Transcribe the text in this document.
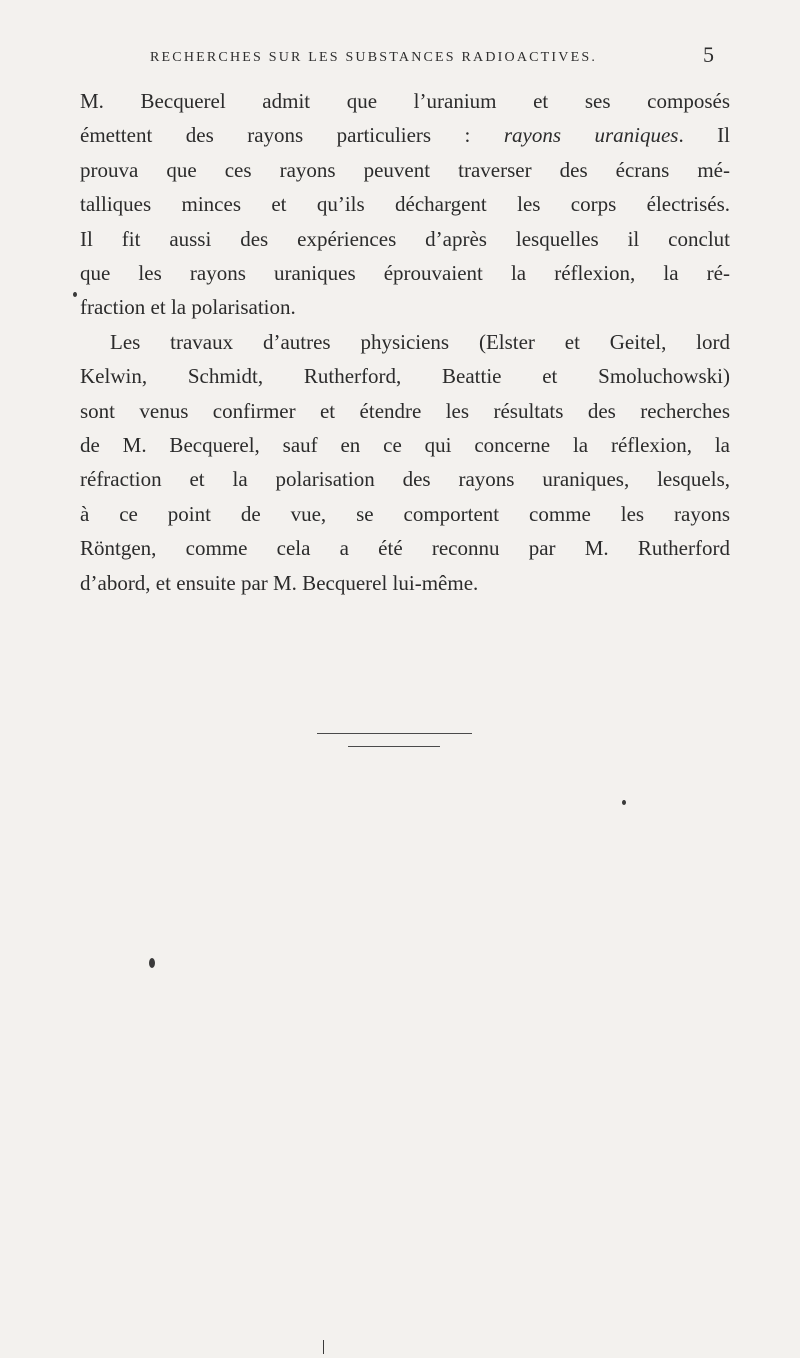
RECHERCHES SUR LES SUBSTANCES RADIOACTIVES.	5
M. Becquerel admit que l’uranium et ses composés
émettent des rayons particuliers : rayons uraniques. Il
prouva que ces rayons peuvent traverser des écrans mé-
talliques minces et qu’ils déchargent les corps électrisés.
Il fit aussi des expériences d’après lesquelles il conclut
que les rayons uraniques éprouvaient la réflexion, la ré-
fraction et la polarisation.
Les travaux d’autres physiciens (Elster et Geitel, lord
Kelwin, Schmidt, Rutherford, Beattie et Smoluchowski)
sont venus confirmer et étendre les résultats des recherches
de M. Becquerel, sauf en ce qui concerne la réflexion, la
réfraction et la polarisation des rayons uraniques, lesquels,
à ce point de vue, se comportent comme les rayons
Röntgen, comme cela a été reconnu par M. Rutherford
d’abord, et ensuite par M. Becquerel lui-même.
